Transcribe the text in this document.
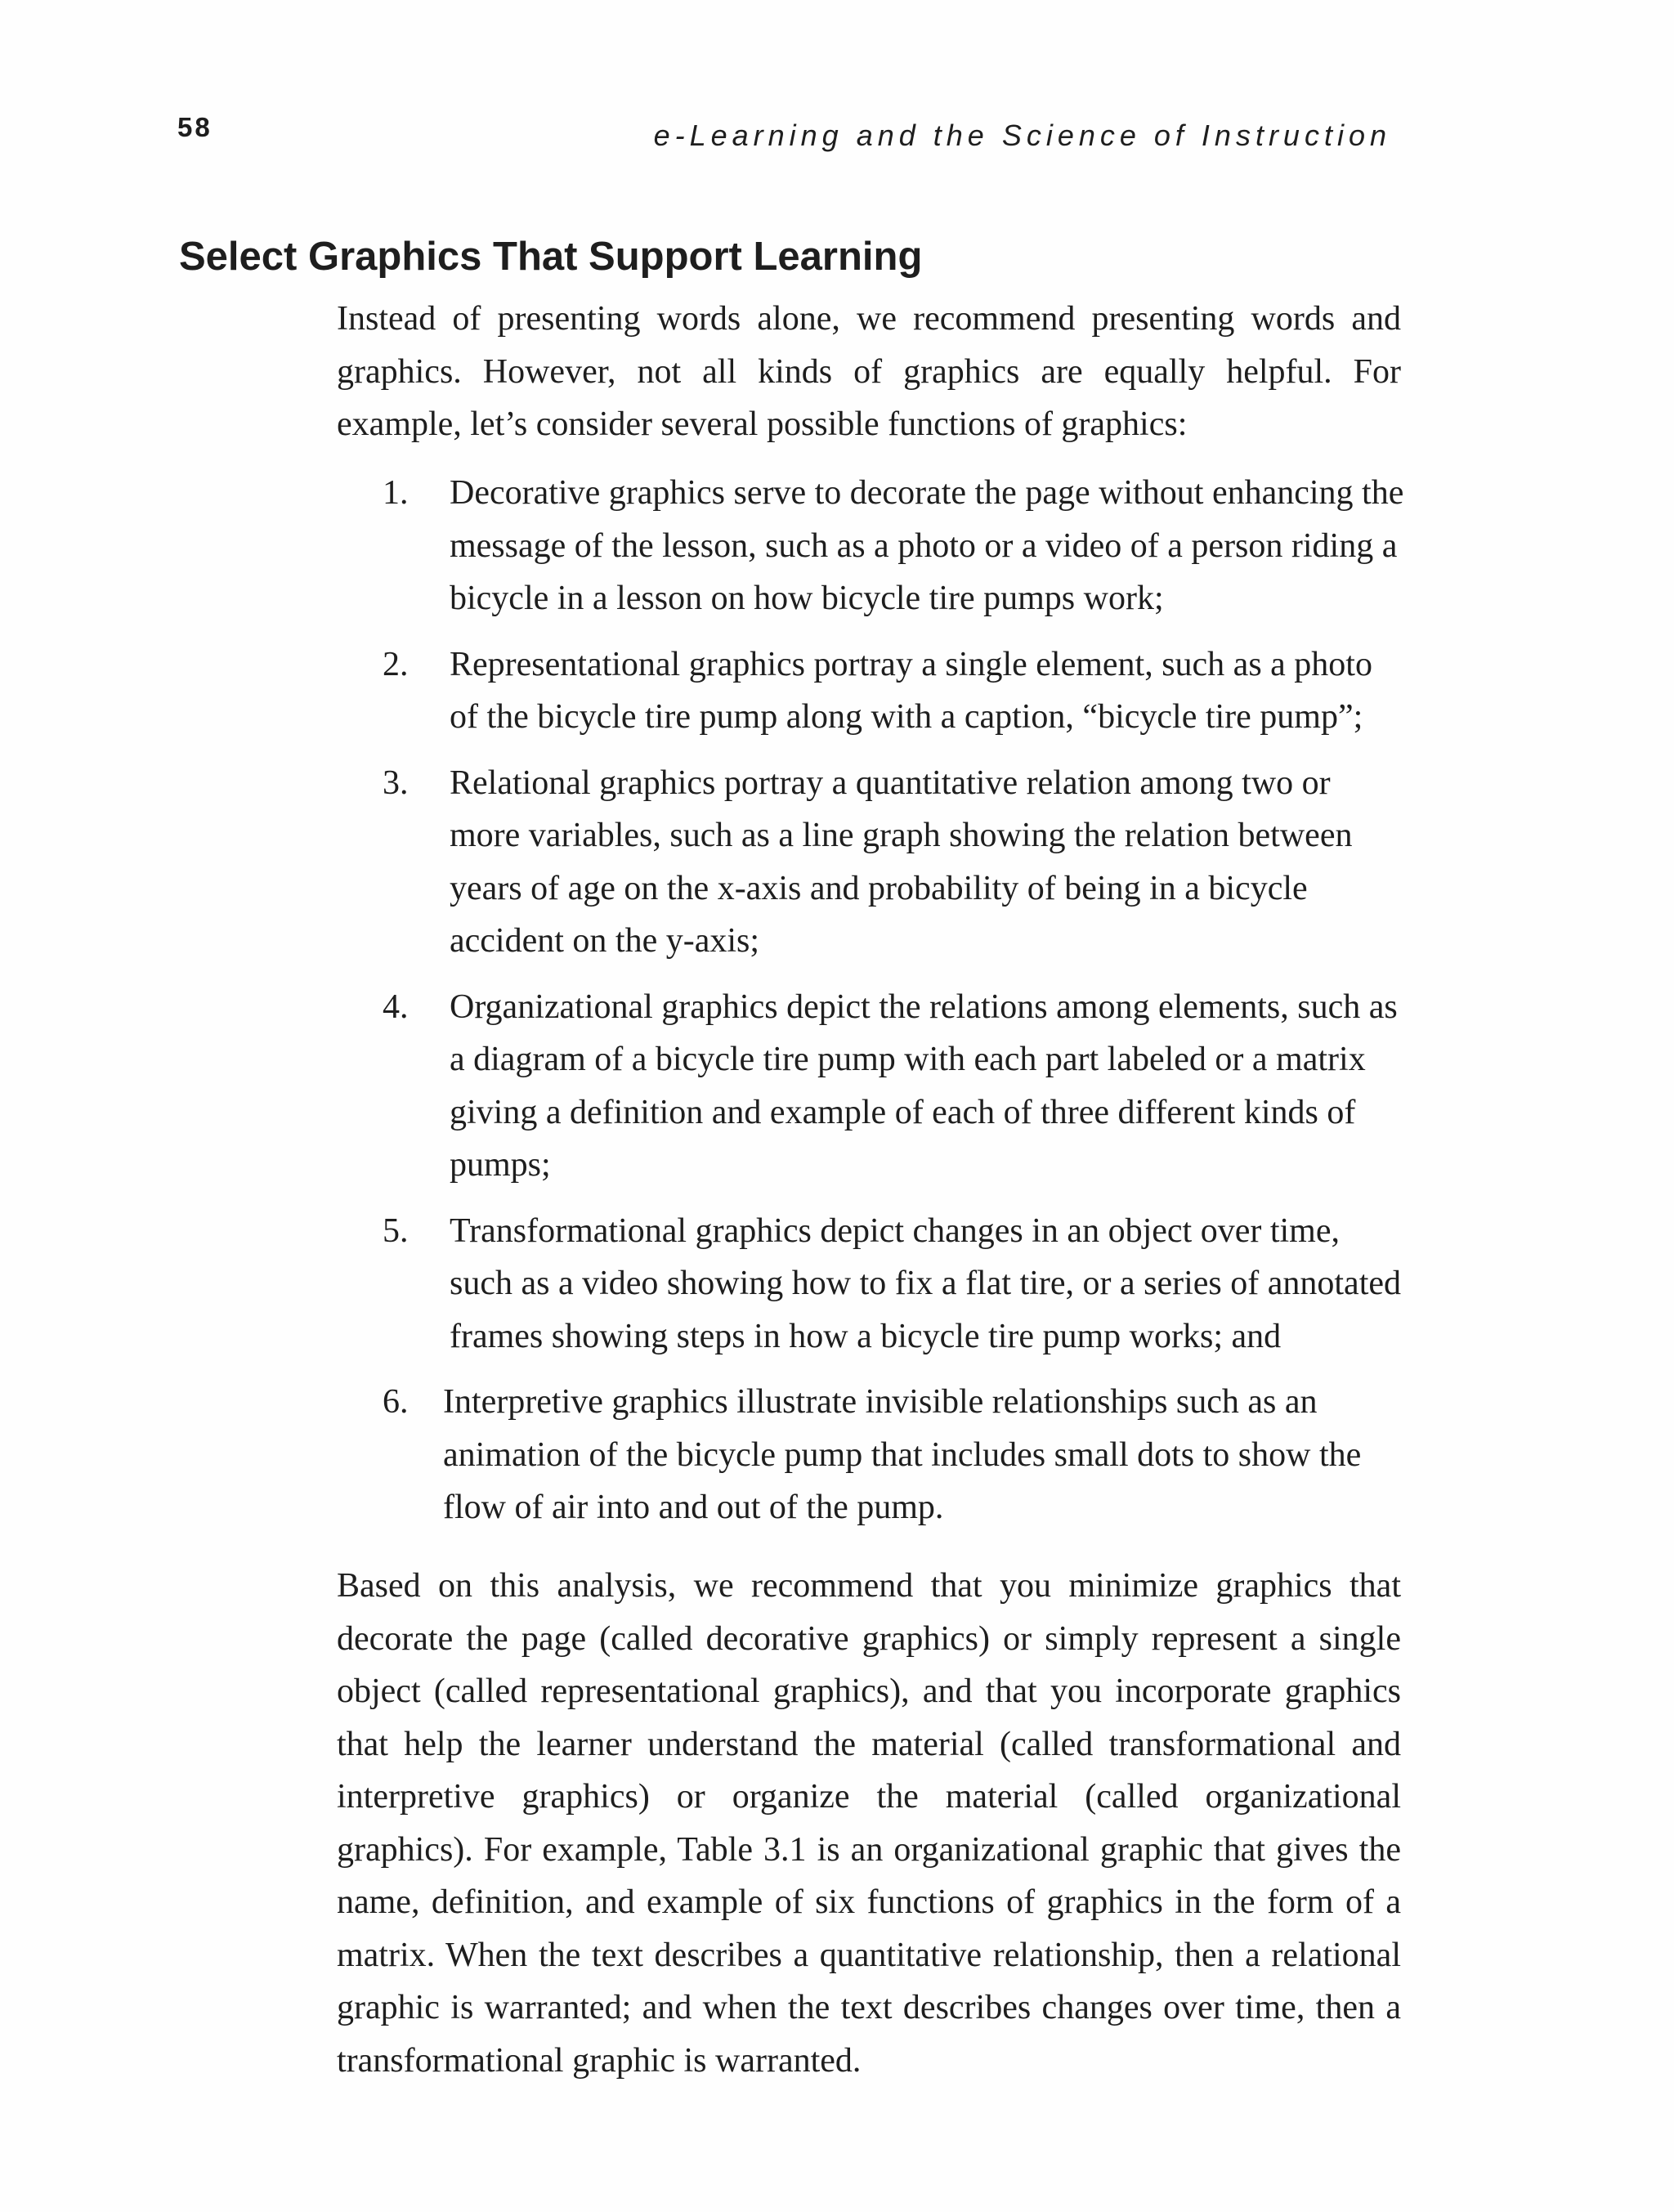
58	e-Learning and the Science of Instruction
Select Graphics That Support Learning

Instead of presenting words alone, we recommend presenting words and graphics. However, not all kinds of graphics are equally helpful. For example, let’s consider several possible functions of graphics:

1. Decorative graphics serve to decorate the page without enhancing the message of the lesson, such as a photo or a video of a person riding a bicycle in a lesson on how bicycle tire pumps work;
2. Representational graphics portray a single element, such as a photo of the bicycle tire pump along with a caption, “bicycle tire pump”;
3. Relational graphics portray a quantitative relation among two or more variables, such as a line graph showing the relation between years of age on the x-axis and probability of being in a bicycle accident on the y-axis;
4. Organizational graphics depict the relations among elements, such as a diagram of a bicycle tire pump with each part labeled or a matrix giving a definition and example of each of three different kinds of pumps;
5. Transformational graphics depict changes in an object over time, such as a video showing how to fix a flat tire, or a series of annotated frames showing steps in how a bicycle tire pump works; and
6. Interpretive graphics illustrate invisible relationships such as an animation of the bicycle pump that includes small dots to show the flow of air into and out of the pump.

Based on this analysis, we recommend that you minimize graphics that decorate the page (called decorative graphics) or simply represent a single object (called representational graphics), and that you incorporate graphics that help the learner understand the material (called transformational and interpretive graphics) or organize the material (called organizational graphics). For example, Table 3.1 is an organizational graphic that gives the name, definition, and example of six functions of graphics in the form of a matrix. When the text describes a quantitative relationship, then a relational graphic is warranted; and when the text describes changes over time, then a transformational graphic is warranted.
